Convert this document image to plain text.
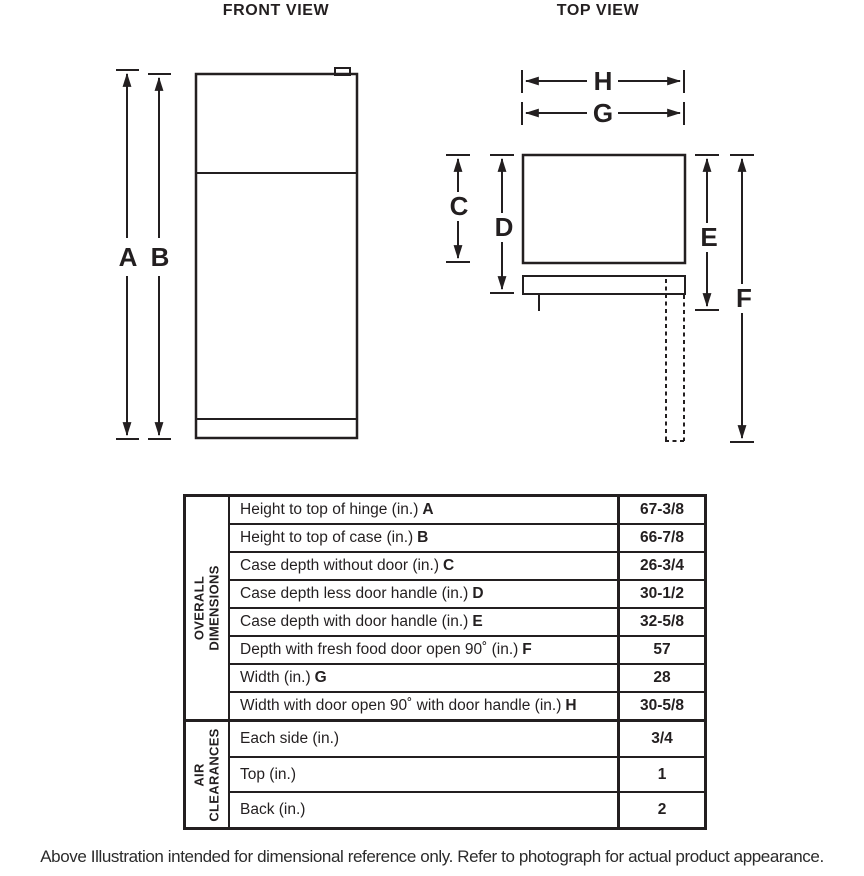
FRONT VIEW
A B
TOP VIEW
H
G
C
D	E
F
OVERALL DIMENSIONS
Height to top of hinge (in.) A	67-3/8
Height to top of case (in.) B	66-7/8
Case depth without door (in.) C	26-3/4
Case depth less door handle (in.) D	30-1/2
Case depth with door handle (in.) E	32-5/8
Depth with fresh food door open 90˚ (in.) F	57
Width (in.) G	28
Width with door open 90˚ with door handle (in.) H	30-5/8
AIR CLEARANCES Each side (in.)	3/4
Top (in.)	1
Back (in.)	2
Above Illustration intended for dimensional reference only. Refer to photograph for actual product appearance.
